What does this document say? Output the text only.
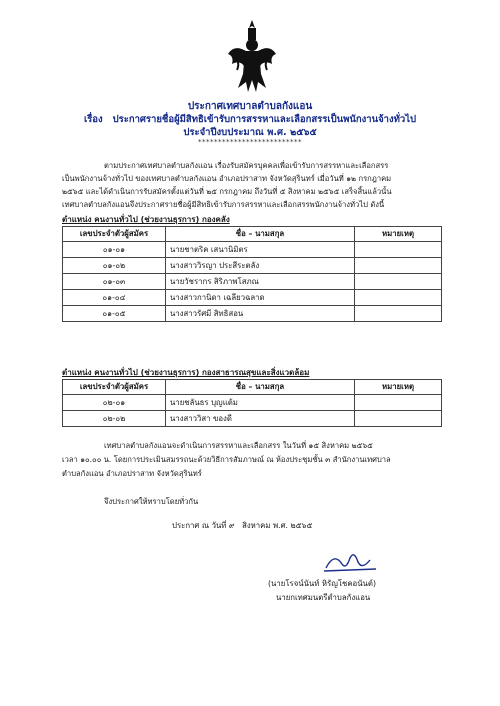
ประกาศเทศบาลตำบลกังแอน
เรื่อง ประกาศรายชื่อผู้มีสิทธิเข้ารับการสรรหาและเลือกสรรเป็นพนักงานจ้างทั่วไป
ประจำปีงบประมาณ พ.ศ. ๒๕๖๕
**************************
ตามประกาศเทศบาลตำบลกังแอน เรื่องรับสมัครบุคคลเพื่อเข้ารับการสรรหาและเลือกสรร
เป็นพนักงานจ้างทั่วไป ของเทศบาลตำบลกังแอน อำเภอปราสาท จังหวัดสุรินทร์ เมื่อวันที่ ๑๒ กรกฎาคม
๒๕๖๕ และได้ดำเนินการรับสมัครตั้งแต่วันที่ ๒๕ กรกฎาคม ถึงวันที่ ๕ สิงหาคม ๒๕๖๕ เสร็จสิ้นแล้วนั้น
เทศบาลตำบลกังแอนจึงประกาศรายชื่อผู้มีสิทธิเข้ารับการสรรหาและเลือกสรรพนักงานจ้างทั่วไป ดังนี้
ตำแหน่ง คนงานทั่วไป (ช่วยงานธุรการ) กองคลัง
เลขประจำตัวผู้สมัคร	ชื่อ – นามสกุล	หมายเหตุ
๐๑-๐๑	นายชาตริค เสนานิมิตร	
๐๑-๐๒	นางสาววิรญา ประสีระตลัง	
๐๑-๐๓	นายวัชรากร สิริภาพโสภณ	
๐๑-๐๔	นางสาวกานิดา เฉลียวฉลาด	
๐๑-๐๕	นางสาวรัศมี สิทธิสอน	
ตำแหน่ง คนงานทั่วไป (ช่วยงานธุรการ) กองสาธารณสุขและสิ่งแวดล้อม
เลขประจำตัวผู้สมัคร	ชื่อ – นามสกุล	หมายเหตุ
๐๒-๐๑	นายชลันธร บุญแต้ม	
๐๒-๐๒	นางสาววิสา ของดี	
เทศบาลตำบลกังแอนจะดำเนินการสรรหาและเลือกสรร ในวันที่ ๑๕ สิงหาคม ๒๕๖๕
เวลา ๑๐.๐๐ น. โดยการประเมินสมรรถนะด้วยวิธีการสัมภาษณ์ ณ ห้องประชุมชั้น ๓ สำนักงานเทศบาล
ตำบลกังแอน อำเภอปราสาท จังหวัดสุรินทร์
จึงประกาศให้ทราบโดยทั่วกัน
ประกาศ ณ วันที่ ๙ สิงหาคม พ.ศ. ๒๕๖๕
(นายโรจน์นันท์ หิรัญโชคอนันต์)
นายกเทศมนตรีตำบลกังแอน
